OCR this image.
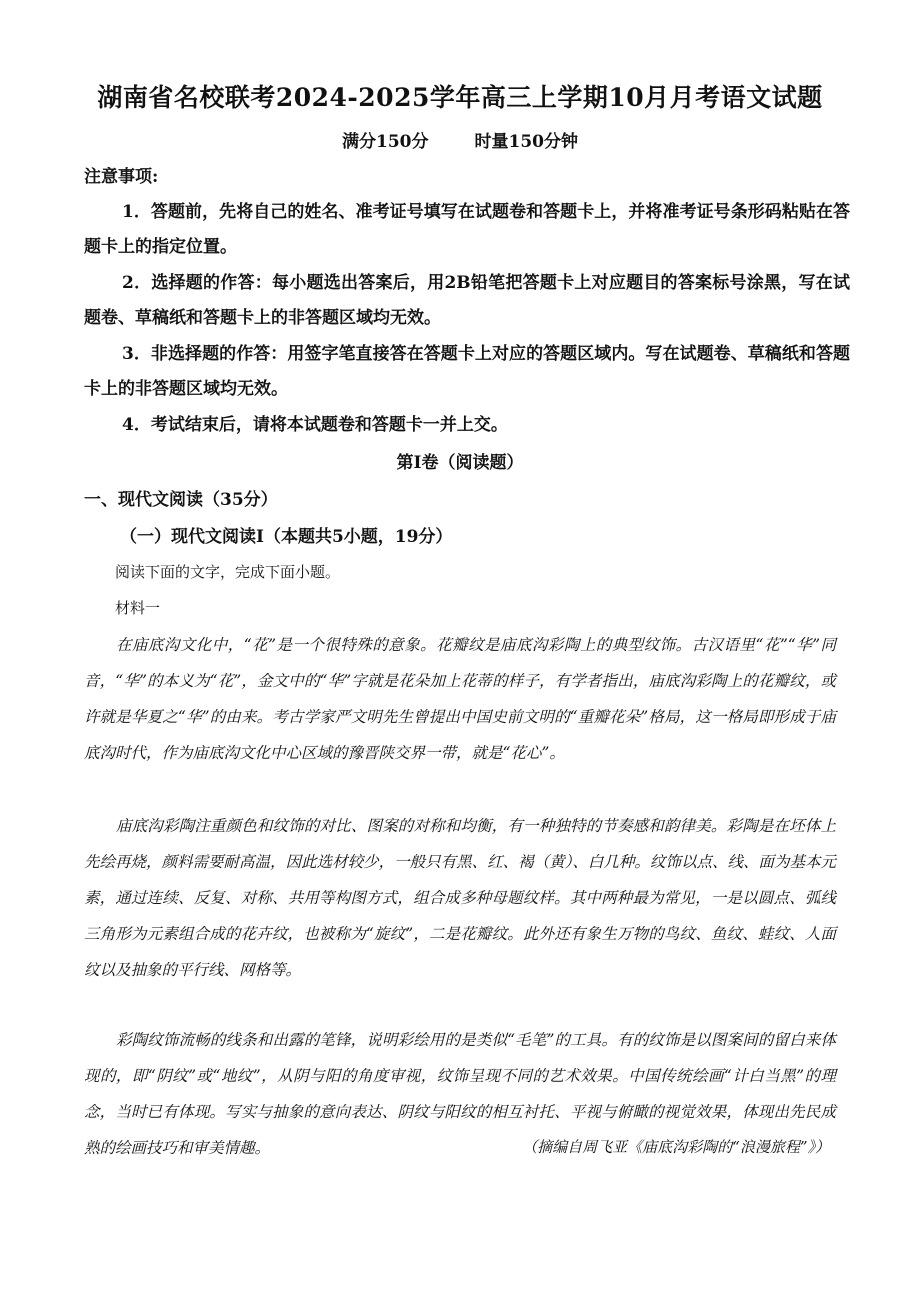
湖南省名校联考2024-2025学年高三上学期10月月考语文试题
满分150分	时量150分钟
注意事项:
1．答题前，先将自己的姓名、准考证号填写在试题卷和答题卡上，并将准考证号条形码粘贴在答题卡上的指定位置。
2．选择题的作答：每小题选出答案后，用2B铅笔把答题卡上对应题目的答案标号涂黑，写在试题卷、草稿纸和答题卡上的非答题区域均无效。
3．非选择题的作答：用签字笔直接答在答题卡上对应的答题区域内。写在试题卷、草稿纸和答题卡上的非答题区域均无效。
4．考试结束后，请将本试题卷和答题卡一并上交。
第Ⅰ卷（阅读题）
一、现代文阅读（35分）
（一）现代文阅读Ⅰ（本题共5小题，19分）
阅读下面的文字，完成下面小题。
材料一
在庙底沟文化中，“花”是一个很特殊的意象。花瓣纹是庙底沟彩陶上的典型纹饰。古汉语里“花”“华”同音，“华”的本义为“花”，金文中的“华”字就是花朵加上花蒂的样子，有学者指出，庙底沟彩陶上的花瓣纹，或许就是华夏之“华”的由来。考古学家严文明先生曾提出中国史前文明的“重瓣花朵”格局，这一格局即形成于庙底沟时代，作为庙底沟文化中心区域的豫晋陕交界一带，就是“花心”。
庙底沟彩陶注重颜色和纹饰的对比、图案的对称和均衡，有一种独特的节奏感和韵律美。彩陶是在坯体上先绘再烧，颜料需要耐高温，因此选材较少，一般只有黑、红、褐（黄）、白几种。纹饰以点、线、面为基本元素，通过连续、反复、对称、共用等构图方式，组合成多种母题纹样。其中两种最为常见，一是以圆点、弧线三角形为元素组合成的花卉纹，也被称为“旋纹”，二是花瓣纹。此外还有象生万物的鸟纹、鱼纹、蛙纹、人面纹以及抽象的平行线、网格等。
彩陶纹饰流畅的线条和出露的笔锋，说明彩绘用的是类似“毛笔”的工具。有的纹饰是以图案间的留白来体现的，即“阴纹”或“地纹”，从阴与阳的角度审视，纹饰呈现不同的艺术效果。中国传统绘画“计白当黑”的理念，当时已有体现。写实与抽象的意向表达、阴纹与阳纹的相互衬托、平视与俯瞰的视觉效果，体现出先民成熟的绘画技巧和审美情趣。	（摘编自周飞亚《庙底沟彩陶的“浪漫旅程”》）
